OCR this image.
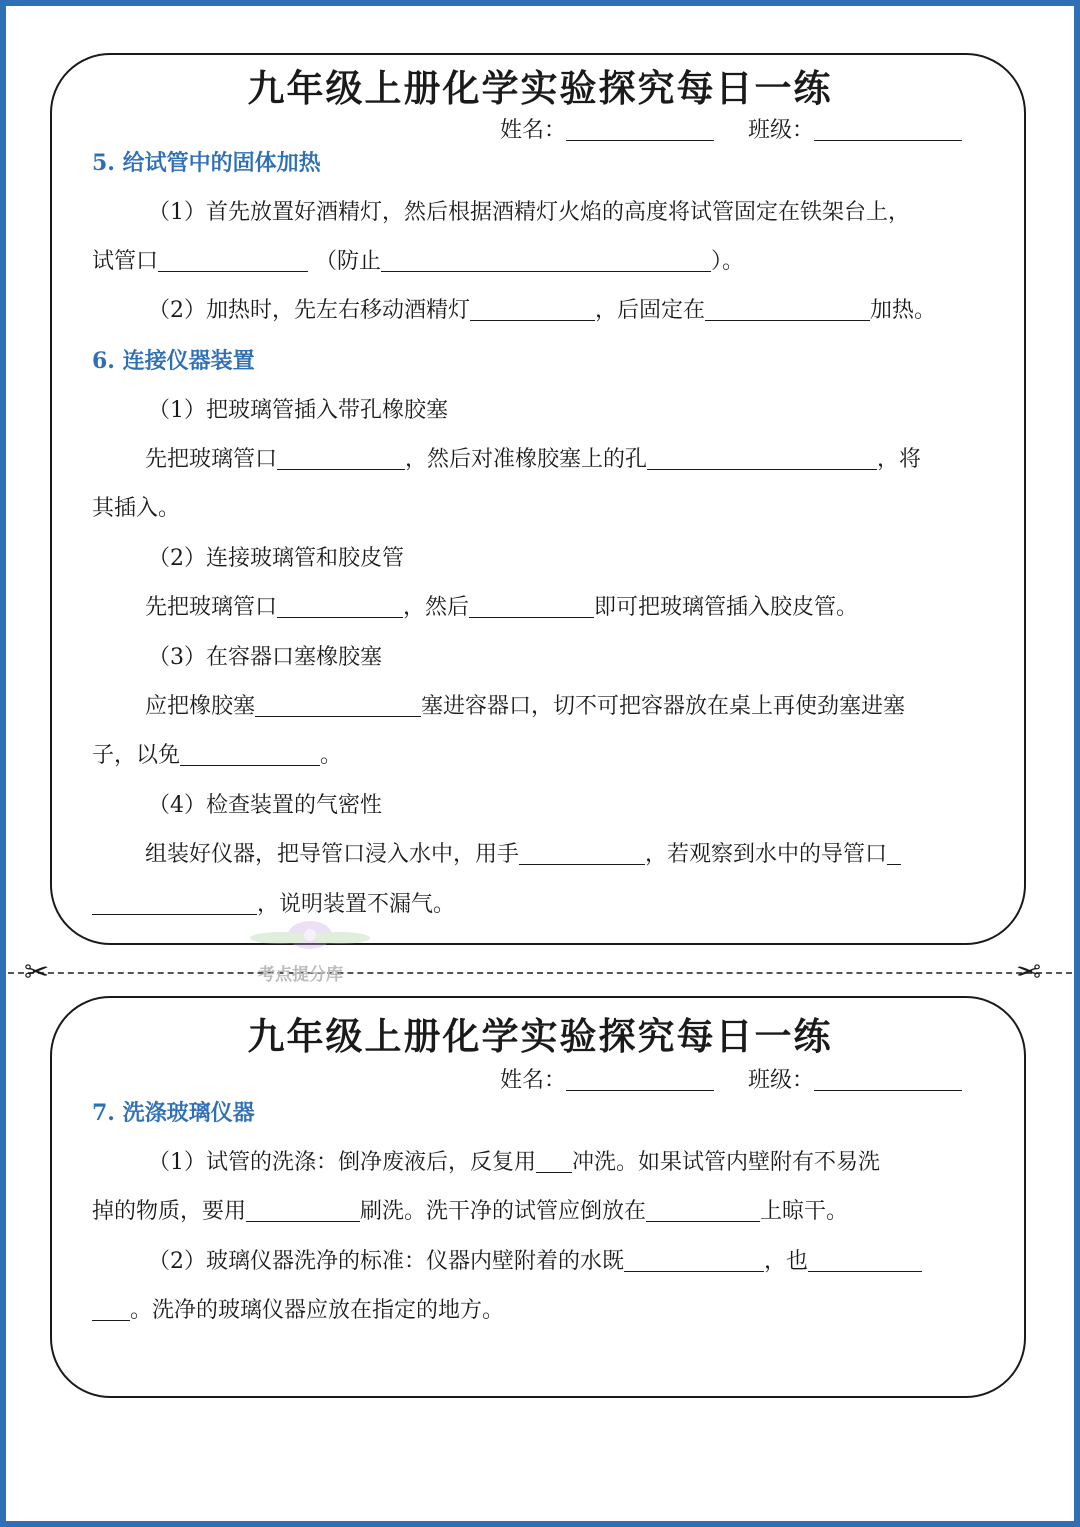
九年级上册化学实验探究每日一练
姓名：	班级：
5. 给试管中的固体加热
（1）首先放置好酒精灯，然后根据酒精灯火焰的高度将试管固定在铁架台上，
试管口	（防止	）。
（2）加热时，先左右移动酒精灯	，后固定在	加热。
6. 连接仪器装置
（1）把玻璃管插入带孔橡胶塞
先把玻璃管口	，然后对准橡胶塞上的孔	，将
其插入。
（2）连接玻璃管和胶皮管
先把玻璃管口	，然后	即可把玻璃管插入胶皮管。
（3）在容器口塞橡胶塞
应把橡胶塞	塞进容器口，切不可把容器放在桌上再使劲塞进塞
子，以免	。
（4）检查装置的气密性
组装好仪器，把导管口浸入水中，用手	，若观察到水中的导管口
，说明装置不漏气。
✂	✂
考点提分库
九年级上册化学实验探究每日一练
姓名：	班级：
7. 洗涤玻璃仪器
（1）试管的洗涤：倒净废液后，反复用 冲洗。如果试管内壁附有不易洗
掉的物质，要用	刷洗。洗干净的试管应倒放在	上晾干。
（2）玻璃仪器洗净的标准：仪器内壁附着的水既	，也
。洗净的玻璃仪器应放在指定的地方。
